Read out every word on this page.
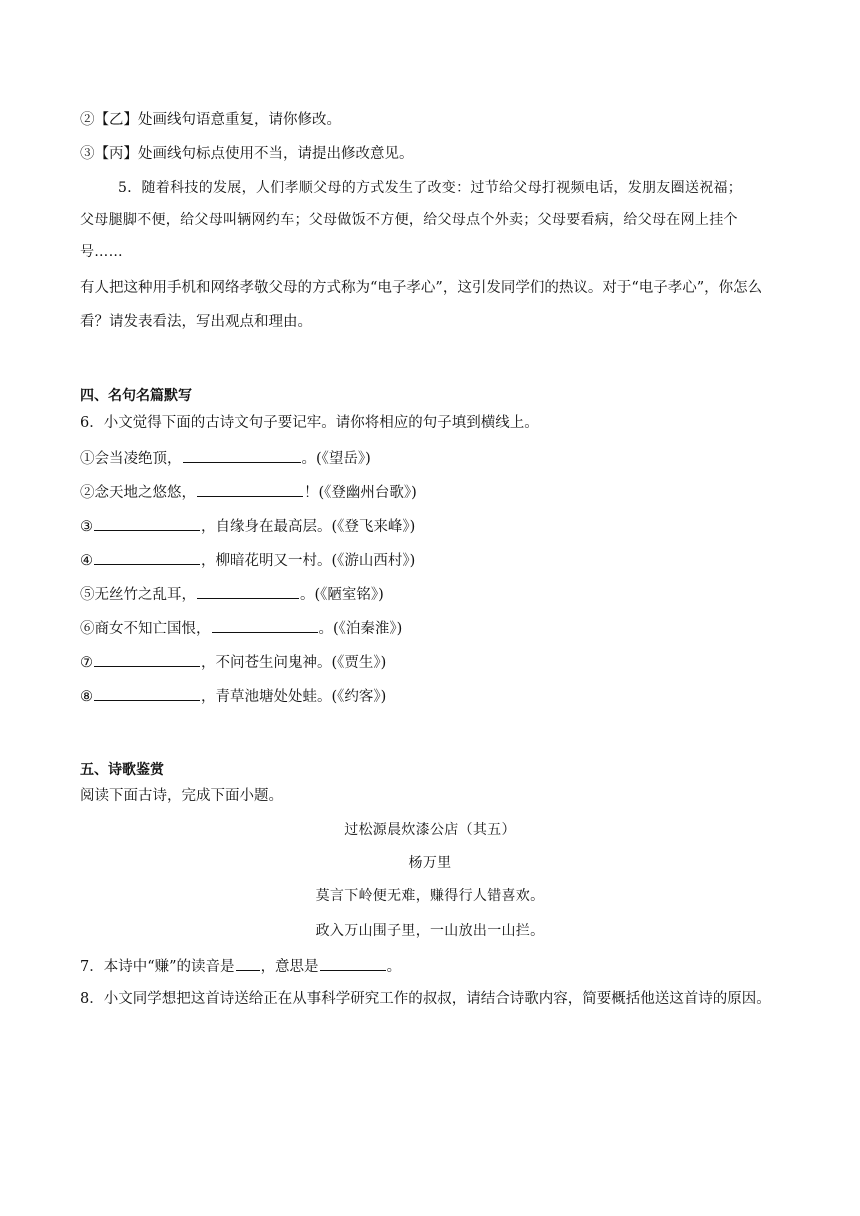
②【乙】处画线句语意重复，请你修改。
③【丙】处画线句标点使用不当，请提出修改意见。
5．随着科技的发展，人们孝顺父母的方式发生了改变：过节给父母打视频电话，发朋友圈送祝福；
父母腿脚不便，给父母叫辆网约车；父母做饭不方便，给父母点个外卖；父母要看病，给父母在网上挂个
号……
有人把这种用手机和网络孝敬父母的方式称为“电子孝心”，这引发同学们的热议。对于“电子孝心”，你怎么
看？请发表看法，写出观点和理由。
四、名句名篇默写
6．小文觉得下面的古诗文句子要记牢。请你将相应的句子填到横线上。
①会当凌绝顶，	。(《望岳》)
②念天地之悠悠，	！(《登幽州台歌》)
③	，自缘身在最高层。(《登飞来峰》)
④	，柳暗花明又一村。(《游山西村》)
⑤无丝竹之乱耳，	。(《陋室铭》)
⑥商女不知亡国恨，	。(《泊秦淮》)
⑦	，不问苍生问鬼神。(《贾生》)
⑧	，青草池塘处处蛙。(《约客》)
五、诗歌鉴赏
阅读下面古诗，完成下面小题。
过松源晨炊漆公店（其五）
杨万里
莫言下岭便无难，赚得行人错喜欢。
政入万山围子里，一山放出一山拦。
7．本诗中“赚”的读音是 ，意思是	。
8．小文同学想把这首诗送给正在从事科学研究工作的叔叔，请结合诗歌内容，简要概括他送这首诗的原因。
